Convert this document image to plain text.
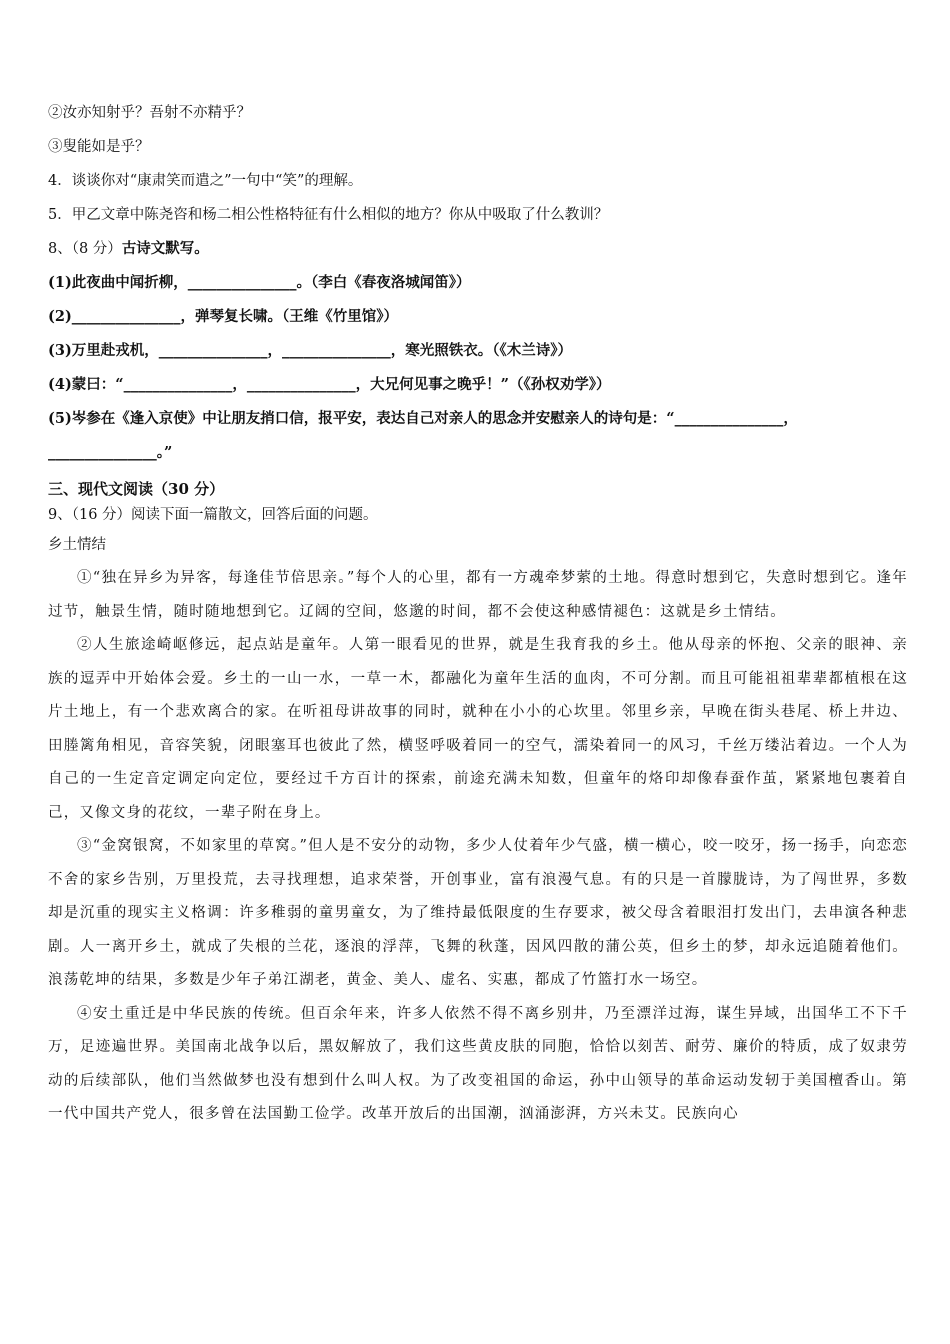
②汝亦知射乎？吾射不亦精乎？
③叟能如是乎？
4．谈谈你对“康肃笑而遣之”一句中“笑”的理解。
5．甲乙文章中陈尧咨和杨二相公性格特征有什么相似的地方？你从中吸取了什么教训？
8、（8 分）古诗文默写。
(1)此夜曲中闻折柳，_______________。（李白《春夜洛城闻笛》）
(2)_______________，弹琴复长啸。（王维《竹里馆》）
(3)万里赴戎机，_______________，_______________，寒光照铁衣。（《木兰诗》）
(4)蒙曰：“_______________，_______________，大兄何见事之晚乎！”（《孙权劝学》）
(5)岑参在《逢入京使》中让朋友捎口信，报平安，表达自己对亲人的思念并安慰亲人的诗句是：“_______________，
_______________。”
三、现代文阅读（30 分）
9、（16 分）阅读下面一篇散文，回答后面的问题。
乡土情结

①“独在异乡为异客，每逢佳节倍思亲。”每个人的心里，都有一方魂牵梦萦的土地。得意时想到它，失意时想到它。逢年过节，触景生情，随时随地想到它。辽阔的空间，悠邈的时间，都不会使这种感情褪色：这就是乡土情结。

②人生旅途崎岖修远，起点站是童年。人第一眼看见的世界，就是生我育我的乡土。他从母亲的怀抱、父亲的眼神、亲族的逗弄中开始体会爱。乡土的一山一水，一草一木，都融化为童年生活的血肉，不可分割。而且可能祖祖辈辈都植根在这片土地上，有一个悲欢离合的家。在听祖母讲故事的同时，就种在小小的心坎里。邻里乡亲，早晚在街头巷尾、桥上井边、田塍篱角相见，音容笑貌，闭眼塞耳也彼此了然，横竖呼吸着同一的空气，濡染着同一的风习，千丝万缕沾着边。一个人为自己的一生定音定调定向定位，要经过千方百计的探索，前途充满未知数，但童年的烙印却像春蚕作茧，紧紧地包裹着自己，又像文身的花纹，一辈子附在身上。

③“金窝银窝，不如家里的草窝。”但人是不安分的动物，多少人仗着年少气盛，横一横心，咬一咬牙，扬一扬手，向恋恋不舍的家乡告别，万里投荒，去寻找理想，追求荣誉，开创事业，富有浪漫气息。有的只是一首朦胧诗，为了闯世界，多数却是沉重的现实主义格调：许多稚弱的童男童女，为了维持最低限度的生存要求，被父母含着眼泪打发出门，去串演各种悲剧。人一离开乡土，就成了失根的兰花，逐浪的浮萍，飞舞的秋蓬，因风四散的蒲公英，但乡土的梦，却永远追随着他们。浪荡乾坤的结果，多数是少年子弟江湖老，黄金、美人、虚名、实惠，都成了竹篮打水一场空。

④安土重迁是中华民族的传统。但百余年来，许多人依然不得不离乡别井，乃至漂洋过海，谋生异域，出国华工不下千万，足迹遍世界。美国南北战争以后，黑奴解放了，我们这些黄皮肤的同胞，恰恰以刻苦、耐劳、廉价的特质，成了奴隶劳动的后续部队，他们当然做梦也没有想到什么叫人权。为了改变祖国的命运，孙中山领导的革命运动发轫于美国檀香山。第一代中国共产党人，很多曾在法国勤工俭学。改革开放后的出国潮，汹涌澎湃，方兴未艾。民族向心
